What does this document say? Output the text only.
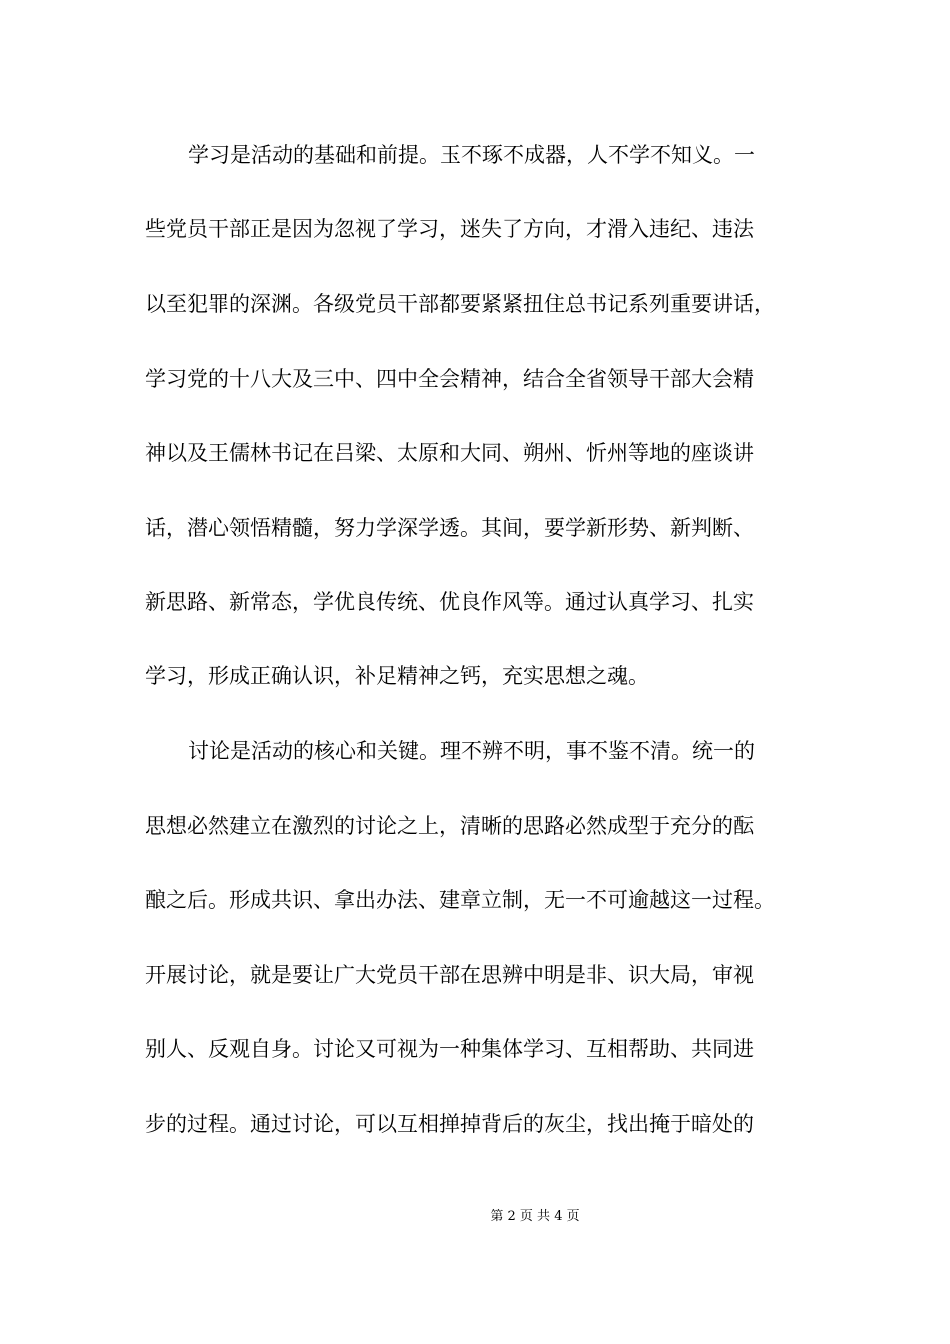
学习是活动的基础和前提。玉不琢不成器，人不学不知义。一
些党员干部正是因为忽视了学习，迷失了方向，才滑入违纪、违法
以至犯罪的深渊。各级党员干部都要紧紧扭住总书记系列重要讲话，
学习党的十八大及三中、四中全会精神，结合全省领导干部大会精
神以及王儒林书记在吕梁、太原和大同、朔州、忻州等地的座谈讲
话，潜心领悟精髓，努力学深学透。其间，要学新形势、新判断、
新思路、新常态，学优良传统、优良作风等。通过认真学习、扎实
学习，形成正确认识，补足精神之钙，充实思想之魂。
讨论是活动的核心和关键。理不辨不明，事不鉴不清。统一的
思想必然建立在激烈的讨论之上，清晰的思路必然成型于充分的酝
酿之后。形成共识、拿出办法、建章立制，无一不可逾越这一过程。
开展讨论，就是要让广大党员干部在思辨中明是非、识大局，审视
别人、反观自身。讨论又可视为一种集体学习、互相帮助、共同进
步的过程。通过讨论，可以互相掸掉背后的灰尘，找出掩于暗处的
第 2 页 共 4 页
